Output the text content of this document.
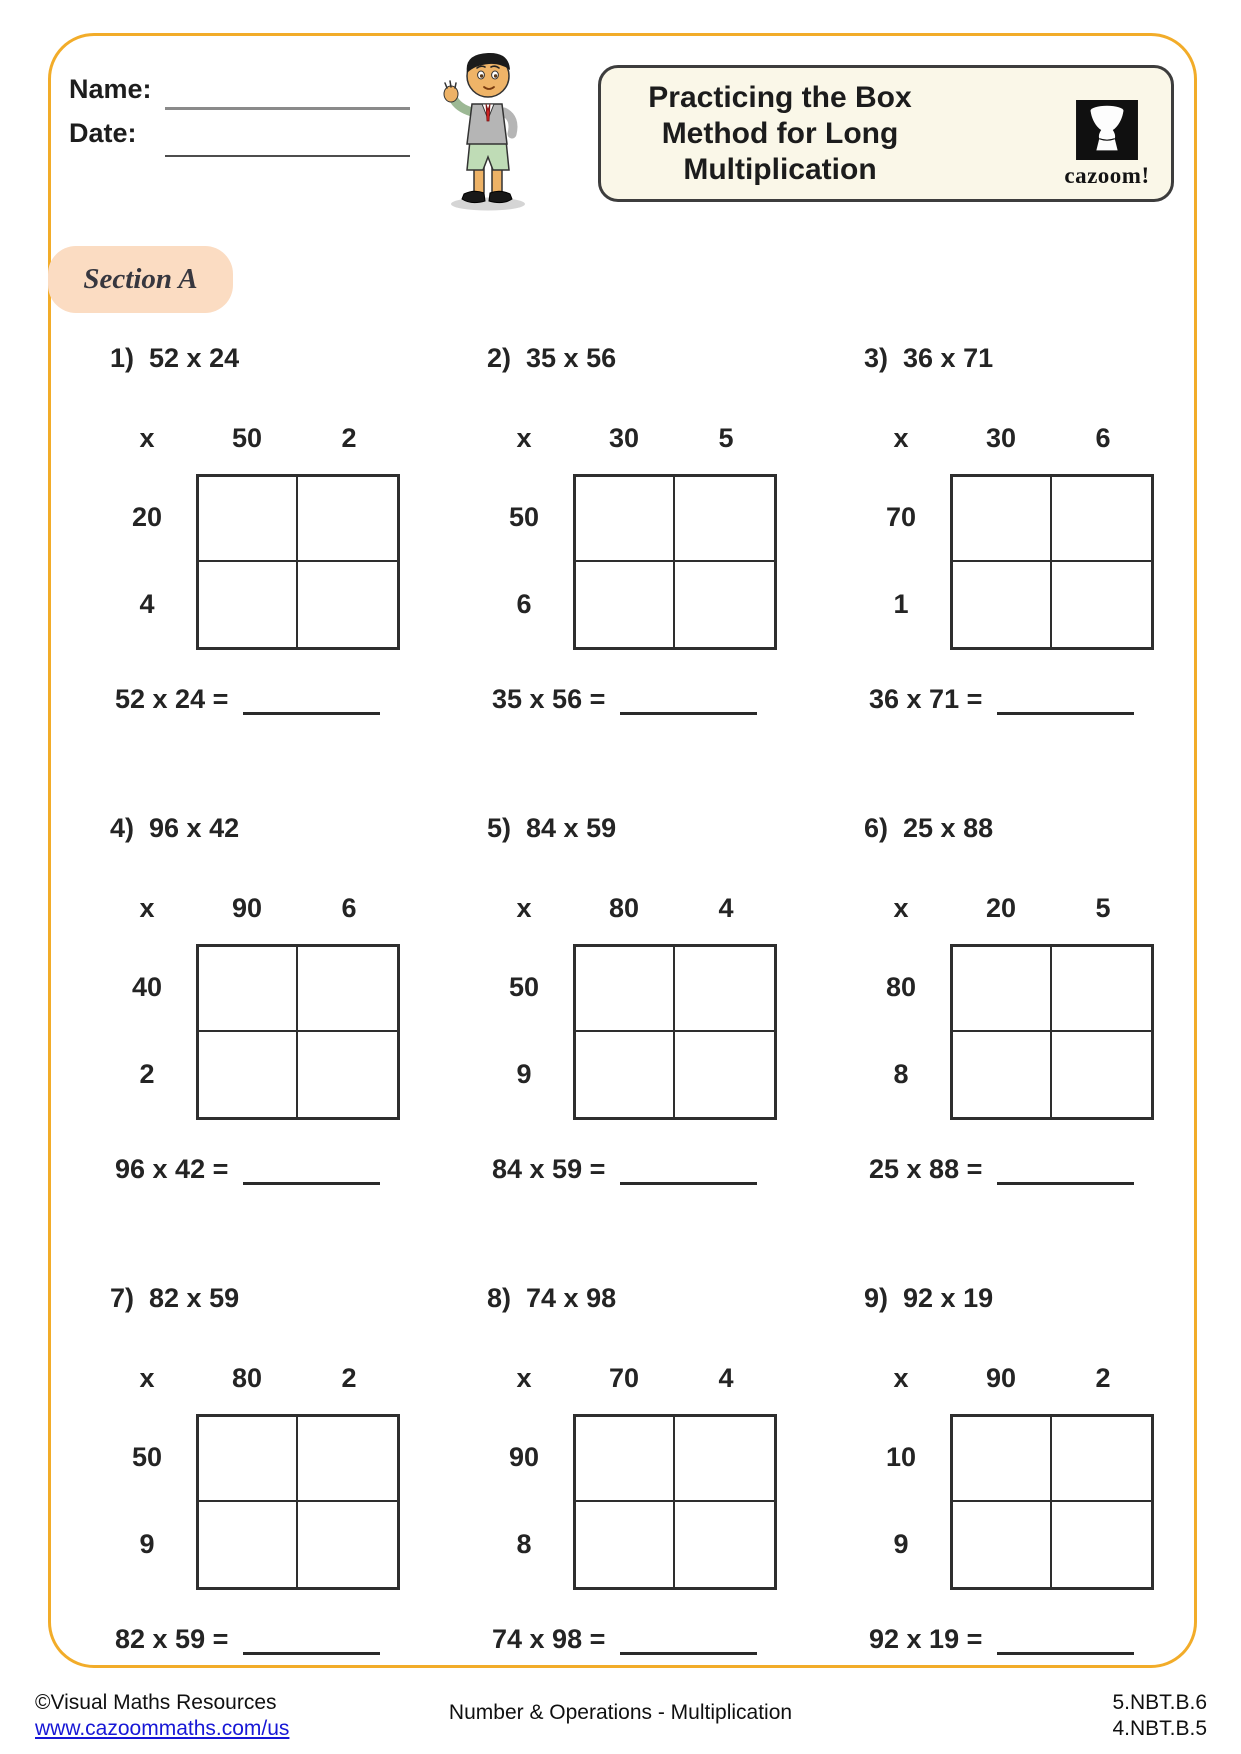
Name:
Date:
Practicing the Box Method for Long Multiplication	cazoom!
Section A
1) 52 x 24
x	50	2
20
4
52 x 24 =
2) 35 x 56
x	30	5
50
6
35 x 56 =
3) 36 x 71
x	30	6
70
1
36 x 71 =
4) 96 x 42
x	90	6
40
2
96 x 42 =
5) 84 x 59
x	80	4
50
9
84 x 59 =
6) 25 x 88
x	20	5
80
8
25 x 88 =
7) 82 x 59
x	80	2
50
9
82 x 59 =
8) 74 x 98
x	70	4
90
8
74 x 98 =
9) 92 x 19
x	90	2
10
9
92 x 19 =
©Visual Maths Resources
www.cazoommaths.com/us
Number & Operations - Multiplication	5.NBT.B.6
4.NBT.B.5
